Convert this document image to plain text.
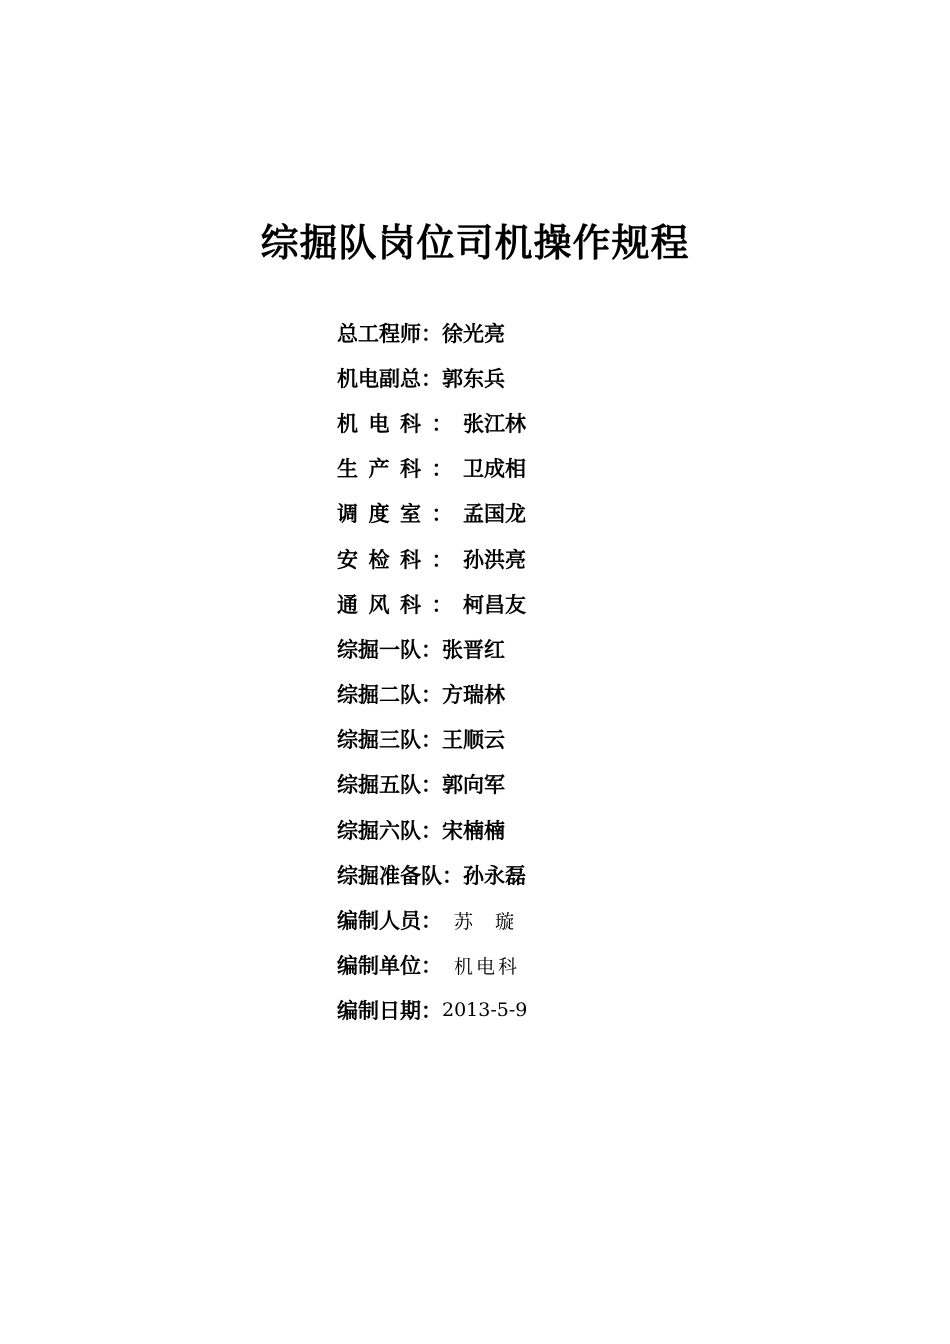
综掘队岗位司机操作规程
总工程师： 徐光亮
机电副总： 郭东兵
机电科： 张江林
生产科： 卫成相
调度室： 孟国龙
安检科： 孙洪亮
通风科： 柯昌友
综掘一队： 张晋红
综掘二队： 方瑞林
综掘三队： 王顺云
综掘五队： 郭向军
综掘六队： 宋楠楠
综掘准备队： 孙永磊
编制人员： 苏璇
编制单位： 机电科
编制日期： 2013-5-9
